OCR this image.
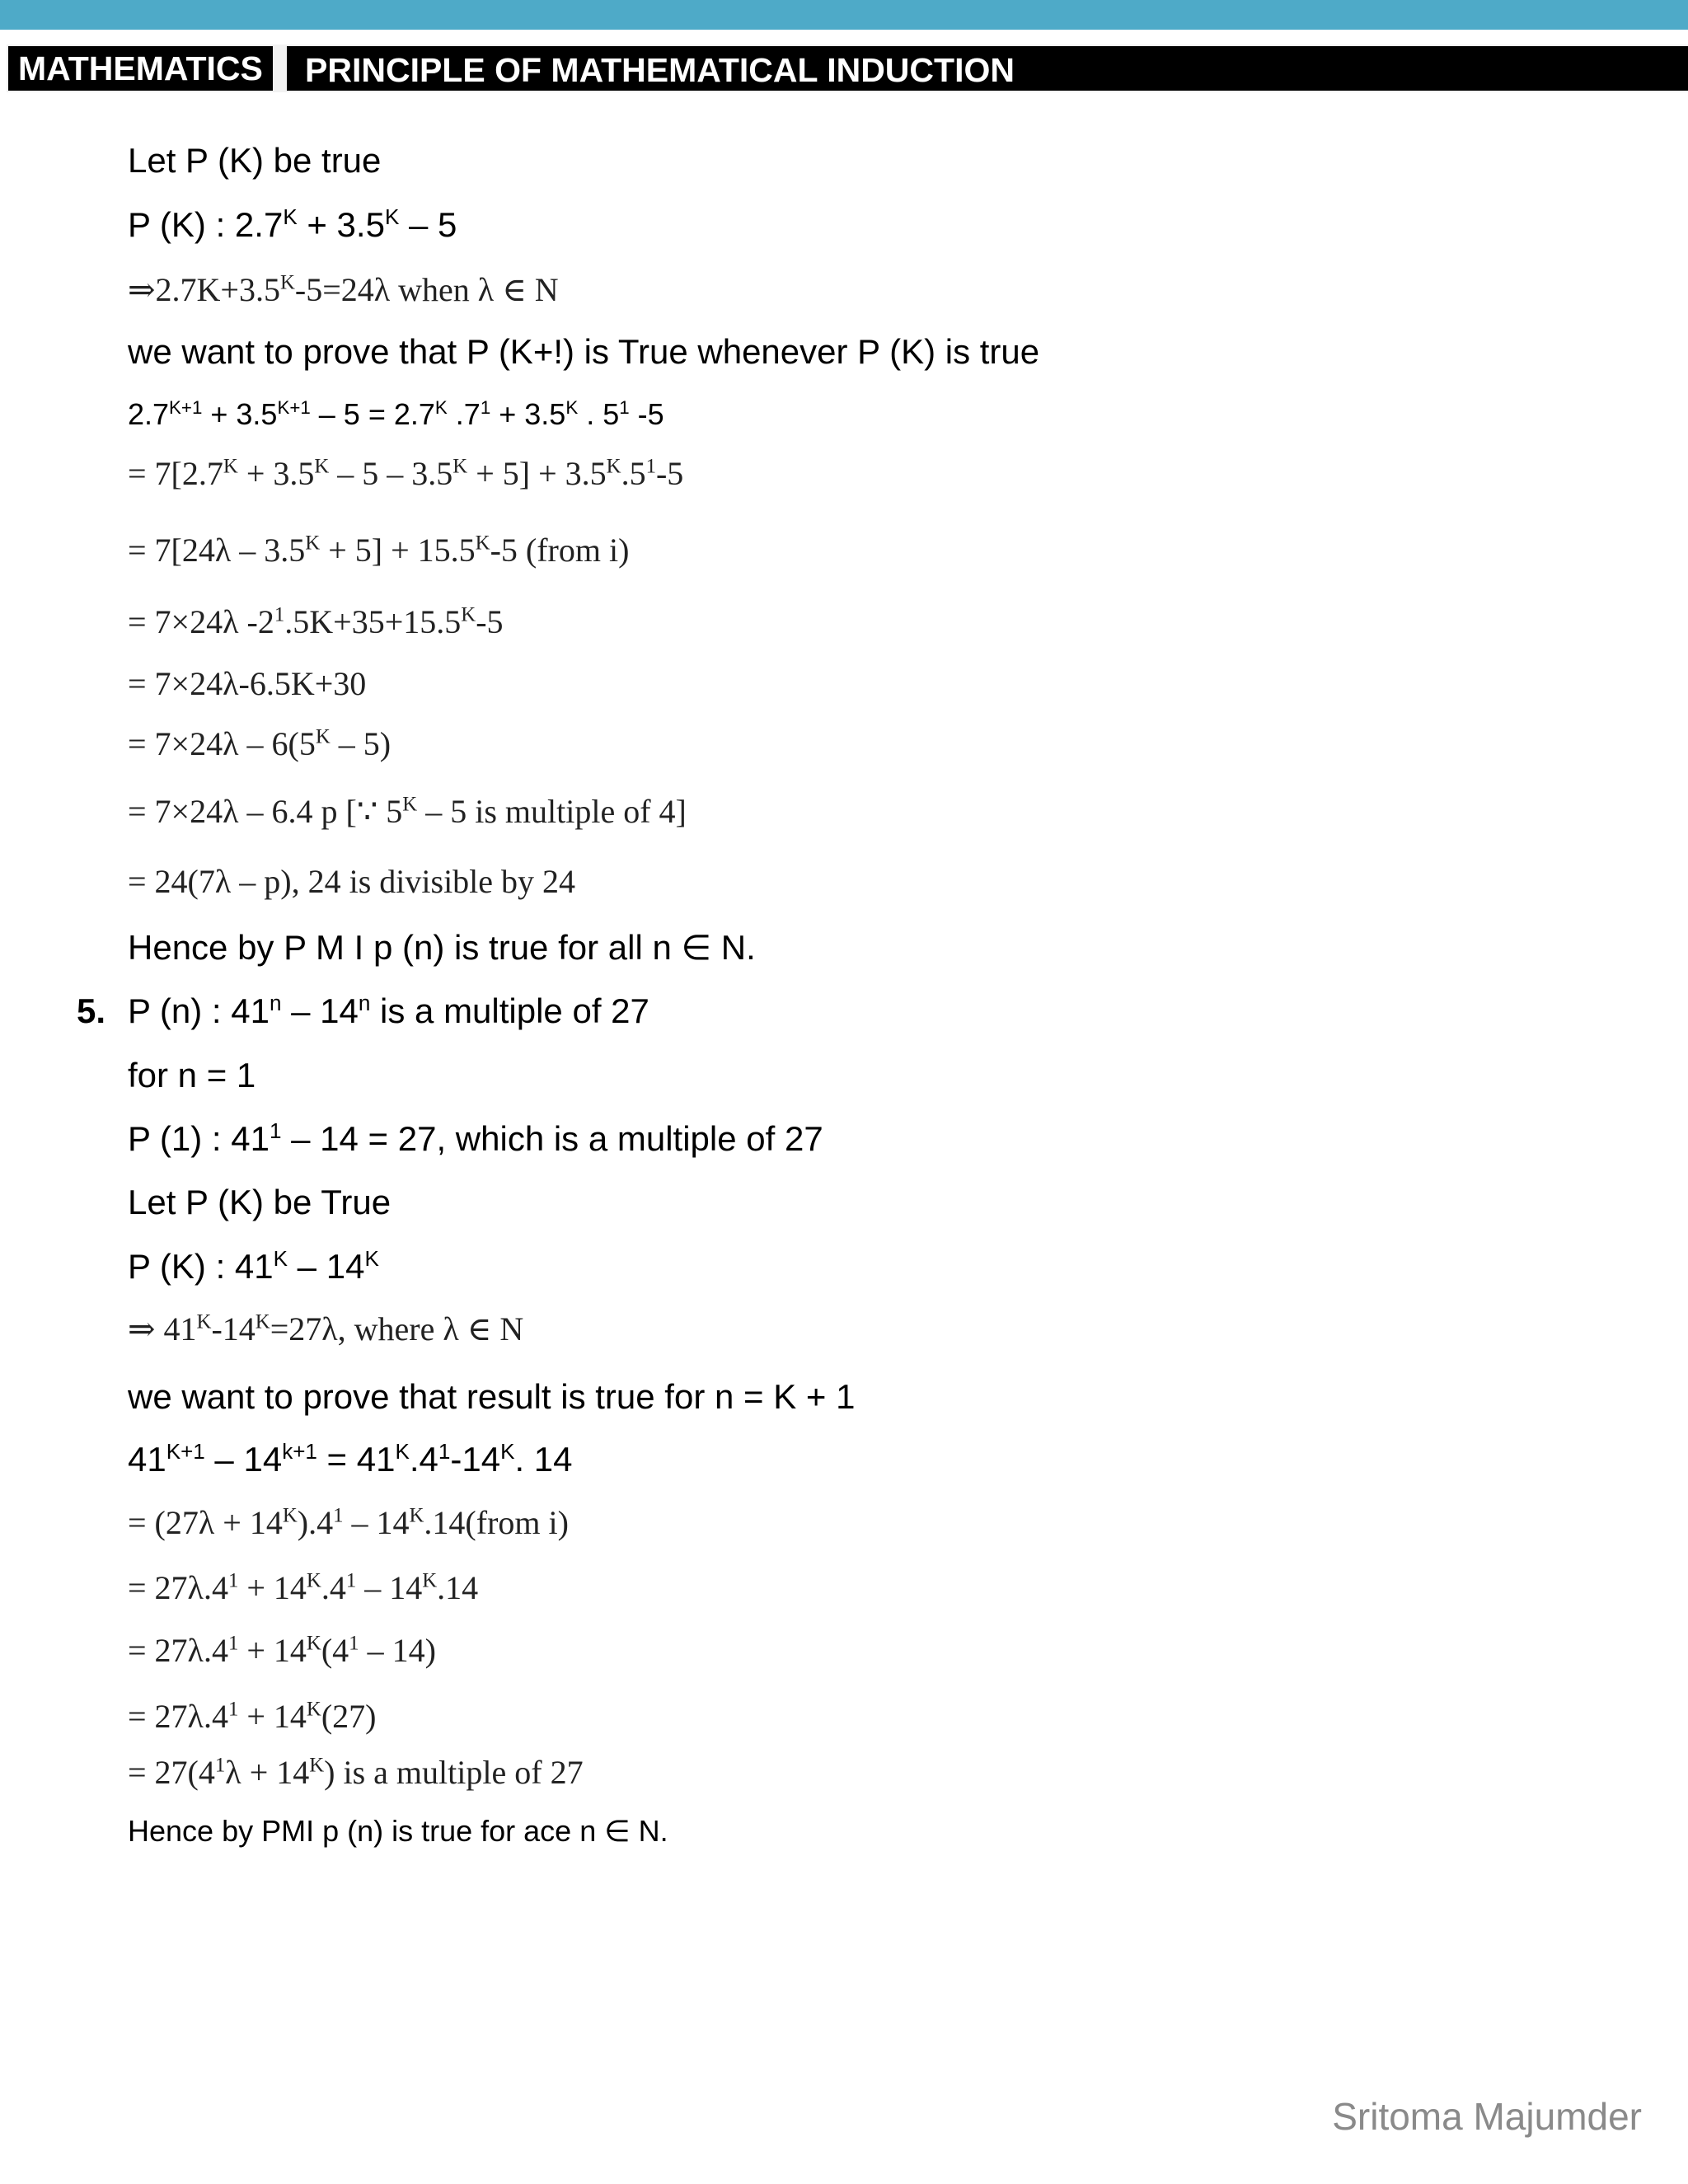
MATHEMATICS	PRINCIPLE OF MATHEMATICAL INDUCTION
Let P (K) be true
P (K) : $2.7^K + 3.5^K - 5$
$\Rightarrow 2.7K+3.5^K-5=24\lambda$ when λ ∈ N
we want to prove that P (K+!) is True whenever P (K) is true
$2.7^{K+1} + 3.5^{K+1} - 5 = 2.7^K$ $.7^1 + 3.5^K$ . $5^1$ -5
= $7[2.7^K + 3.5^K - 5 - 3.5^K + 5] + 3.5^K.5^1-5$
= $7[24\lambda - 3.5^K + 5] + 15.5^K-5$ (from i)
= 7×24λ $-2^1.5K+35+15.5^K-5$
= 7×24λ-6.5K+30
= $7\times 24\lambda - 6(5^K - 5)$
= 7×24λ – 6.4 p [∵ $5^K - 5$ is multiple of 4]
= 24(7λ – p), 24 is divisible by 24
Hence by P M I p (n) is true for all n ∈ N.
5. P (n) : 41$^n$ – 14$^n$ is a multiple of 27
for n = 1
P (1) : $41^1 - 14 = 27$, which is a multiple of 27
Let P (K) be True
P (K) : $41^K - 14^K$
⇒ $41^K-14^K=27\lambda$, where λ ∈ N
we want to prove that result is true for n = K + 1
$41^{K+1} - 14^{k+1} = 41^K.4^1-14^K$. 14
= $(27\lambda + 14^K).4^1$ – $14^K.14(from$ i)
= $27\lambda.4^1 + 14^K.4^1 - 14^K.14$
= $27\lambda.4^1 + 14^K(4^1 - 14)$
= $27\lambda.4^1 + 14^K(27)$
= $27(4^1\lambda + 14^K)$ is a multiple of 27
Hence by PMI p (n) is true for ace n ∈ N.
Sritoma Majumder
